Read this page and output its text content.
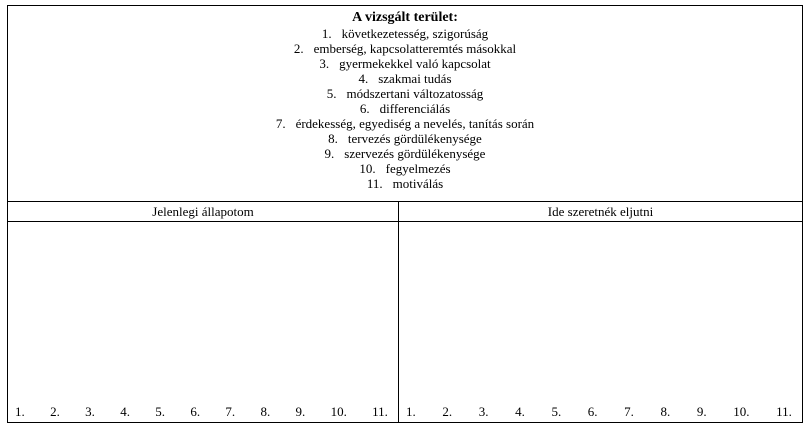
A vizsgált terület:
1. következetesség, szigorúság
2. emberség, kapcsolatteremtés másokkal
3. gyermekekkel való kapcsolat
4. szakmai tudás
5. módszertani változatosság
6. differenciálás
7. érdekesség, egyediség a nevelés, tanítás során
8. tervezés gördülékenysége
9. szervezés gördülékenysége
10. fegyelmezés
11. motiválás
Jelenlegi állapotom	Ide szeretnék eljutni
1. 2. 3. 4. 5. 6. 7. 8. 9. 10. 11. 1. 2. 3. 4. 5. 6. 7. 8. 9. 10. 11.
